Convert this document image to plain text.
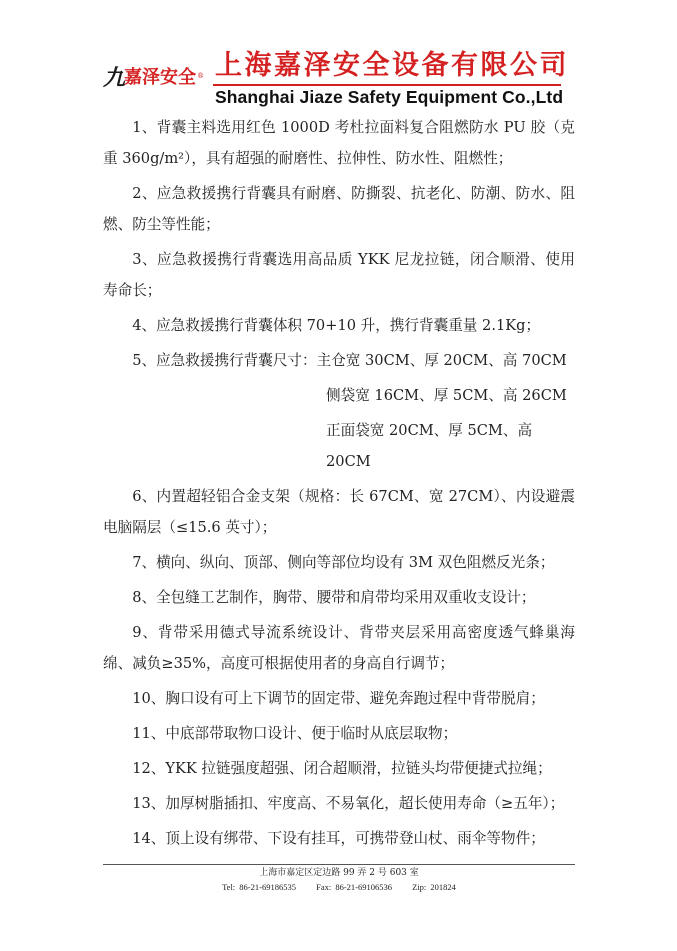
九 嘉泽安全 ® 上海嘉泽安全设备有限公司
Shanghai Jiaze Safety Equipment Co.,Ltd

1、背囊主料选用红色 1000D 考杜拉面料复合阻燃防水 PU 胶（克重 360g/m²），具有超强的耐磨性、拉伸性、防水性、阻燃性；

2、应急救援携行背囊具有耐磨、防撕裂、抗老化、防潮、防水、阻燃、防尘等性能；

3、应急救援携行背囊选用高品质 YKK 尼龙拉链，闭合顺滑、使用寿命长；

4、应急救援携行背囊体积 70+10 升，携行背囊重量 2.1Kg；

5、应急救援携行背囊尺寸：主仓宽 30CM、厚 20CM、高 70CM

侧袋宽 16CM、厚 5CM、高 26CM

正面袋宽 20CM、厚 5CM、高 20CM

6、内置超轻铝合金支架（规格：长 67CM、宽 27CM）、内设避震电脑隔层（≤15.6 英寸）；

7、横向、纵向、顶部、侧向等部位均设有 3M 双色阻燃反光条；

8、全包缝工艺制作，胸带、腰带和肩带均采用双重收支设计；

9、背带采用德式导流系统设计、背带夹层采用高密度透气蜂巢海绵、减负≥35%，高度可根据使用者的身高自行调节；

10、胸口设有可上下调节的固定带、避免奔跑过程中背带脱肩；

11、中底部带取物口设计、便于临时从底层取物；

12、YKK 拉链强度超强、闭合超顺滑，拉链头均带便捷式拉绳；

13、加厚树脂插扣、牢度高、不易氧化，超长使用寿命（≥五年）；

14、顶上设有绑带、下设有挂耳，可携带登山杖、雨伞等物件；

上海市嘉定区定边路 99 弄 2 号 603 室
Tel: 86-21-69186535 Fax: 86-21-69106536 Zip: 201824
